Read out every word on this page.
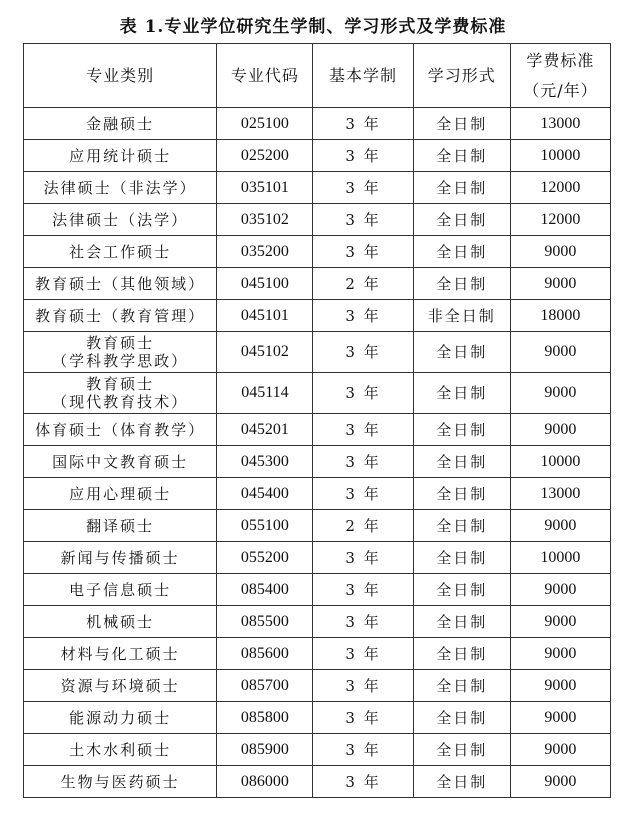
表 1.专业学位研究生学制、学习形式及学费标准
专业类别	专业代码	基本学制	学习形式	学费标准
（元/年）

金融硕士	025100	3 年	全日制	13000
应用统计硕士	025200	3 年	全日制	10000
法律硕士（非法学）	035101	3 年	全日制	12000
法律硕士（法学）	035102	3 年	全日制	12000
社会工作硕士	035200	3 年	全日制	9000
教育硕士（其他领域）	045100	2 年	全日制	9000
教育硕士（教育管理）	045101	3 年	非全日制	18000

教育硕士
（学科教学思政）	045102	3 年	全日制	9000

教育硕士
（现代教育技术）	045114	3 年	全日制	9000
体育硕士（体育教学）	045201	3 年	全日制	9000
国际中文教育硕士	045300	3 年	全日制	10000
应用心理硕士	045400	3 年	全日制	13000
翻译硕士	055100	2 年	全日制	9000
新闻与传播硕士	055200	3 年	全日制	10000
电子信息硕士	085400	3 年	全日制	9000
机械硕士	085500	3 年	全日制	9000
材料与化工硕士	085600	3 年	全日制	9000
资源与环境硕士	085700	3 年	全日制	9000
能源动力硕士	085800	3 年	全日制	9000
土木水利硕士	085900	3 年	全日制	9000
生物与医药硕士	086000	3 年	全日制	9000
